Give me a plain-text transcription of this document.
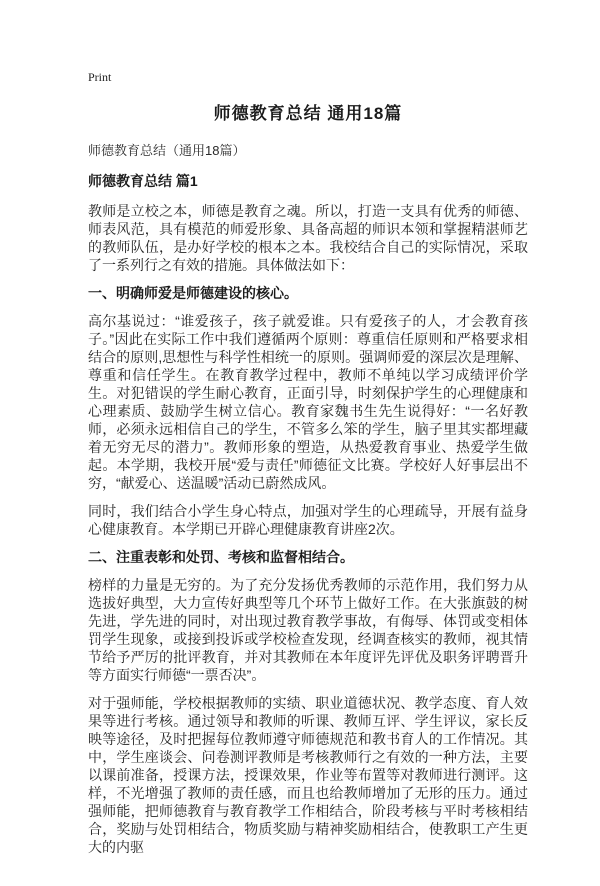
Print
师德教育总结 通用18篇
师德教育总结（通用18篇）
师德教育总结 篇1

教师是立校之本，师德是教育之魂。所以，打造一支具有优秀的师德、师表风范，具有模范的师爱形象、具备高超的师识本领和掌握精湛师艺的教师队伍，是办好学校的根本之本。我校结合自己的实际情况，采取了一系列行之有效的措施。具体做法如下：

一、明确师爱是师德建设的核心。

高尔基说过：“谁爱孩子，孩子就爱谁。只有爱孩子的人，才会教育孩子。”因此在实际工作中我们遵循两个原则：尊重信任原则和严格要求相结合的原则,思想性与科学性相统一的原则。强调师爱的深层次是理解、尊重和信任学生。在教育教学过程中，教师不单纯以学习成绩评价学生。对犯错误的学生耐心教育，正面引导，时刻保护学生的心理健康和心理素质、鼓励学生树立信心。教育家魏书生先生说得好：“一名好教师，必须永远相信自己的学生，不管多么笨的学生，脑子里其实都埋藏着无穷无尽的潜力”。教师形象的塑造，从热爱教育事业、热爱学生做起。本学期，我校开展“爱与责任”师德征文比赛。学校好人好事层出不穷，“献爱心、送温暖”活动已蔚然成风。

同时，我们结合小学生身心特点，加强对学生的心理疏导，开展有益身心健康教育。本学期已开辟心理健康教育讲座2次。

二、注重表彰和处罚、考核和监督相结合。

榜样的力量是无穷的。为了充分发扬优秀教师的示范作用，我们努力从选拔好典型，大力宣传好典型等几个环节上做好工作。在大张旗鼓的树先进，学先进的同时，对出现过教育教学事故，有侮辱、体罚或变相体罚学生现象，或接到投诉或学校检查发现，经调查核实的教师，视其情节给予严厉的批评教育，并对其教师在本年度评先评优及职务评聘晋升等方面实行师德“一票否决”。

对于强师能，学校根据教师的实绩、职业道德状况、教学态度、育人效果等进行考核。通过领导和教师的听课、教师互评、学生评议，家长反映等途径，及时把握每位教师遵守师德规范和教书育人的工作情况。其中，学生座谈会、问卷测评教师是考核教师行之有效的一种方法，主要以课前准备，授课方法，授课效果，作业等布置等对教师进行测评。这样，不光增强了教师的责任感，而且也给教师增加了无形的压力。通过强师能，把师德教育与教育教学工作相结合，阶段考核与平时考核相结合，奖励与处罚相结合，物质奖励与精神奖励相结合，使教职工产生更大的内驱
